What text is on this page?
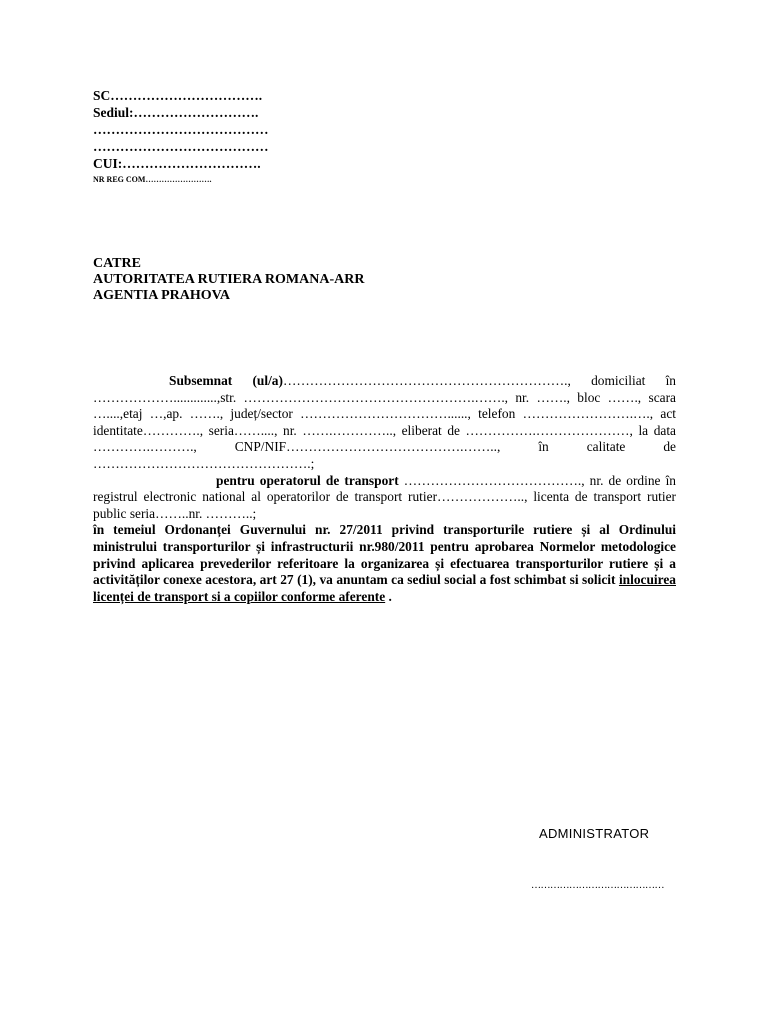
SC…………………………….
Sediul:……………………….
…………………………………
…………………………………
CUI:………………………….
NR REG COM…………………….
CATRE
AUTORITATEA RUTIERA ROMANA-ARR
AGENTIA PRAHOVA
Subsemnat (ul/a)………………………………………………………., domiciliat în ……………….............,str. …………………………………………….……., nr. ……., bloc ……., scara …....,etaj …,ap. ……., județ/sector ……………………………......, telefon …………………….…., act identitate…………., seria……...., nr. …….………….., eliberat de …………….…………………, la data ………….………., CNP/NIF………………………………….…….., în calitate de ………………………………………….;
pentru operatorul de transport …………………………………., nr. de ordine în registrul electronic national al operatorilor de transport rutier……………….., licenta de transport rutier public seria……..nr. ………..;
în temeiul Ordonanței Guvernului nr. 27/2011 privind transporturile rutiere și al Ordinului ministrului transporturilor și infrastructurii nr.980/2011 pentru aprobarea Normelor metodologice privind aplicarea prevederilor referitoare la organizarea și efectuarea transporturilor rutiere și a activităților conexe acestora, art 27 (1), va anuntam ca sediul social a fost schimbat si solicit inlocuirea licenței de transport si a copiilor conforme aferente .
ADMINISTRATOR
……………………………………
